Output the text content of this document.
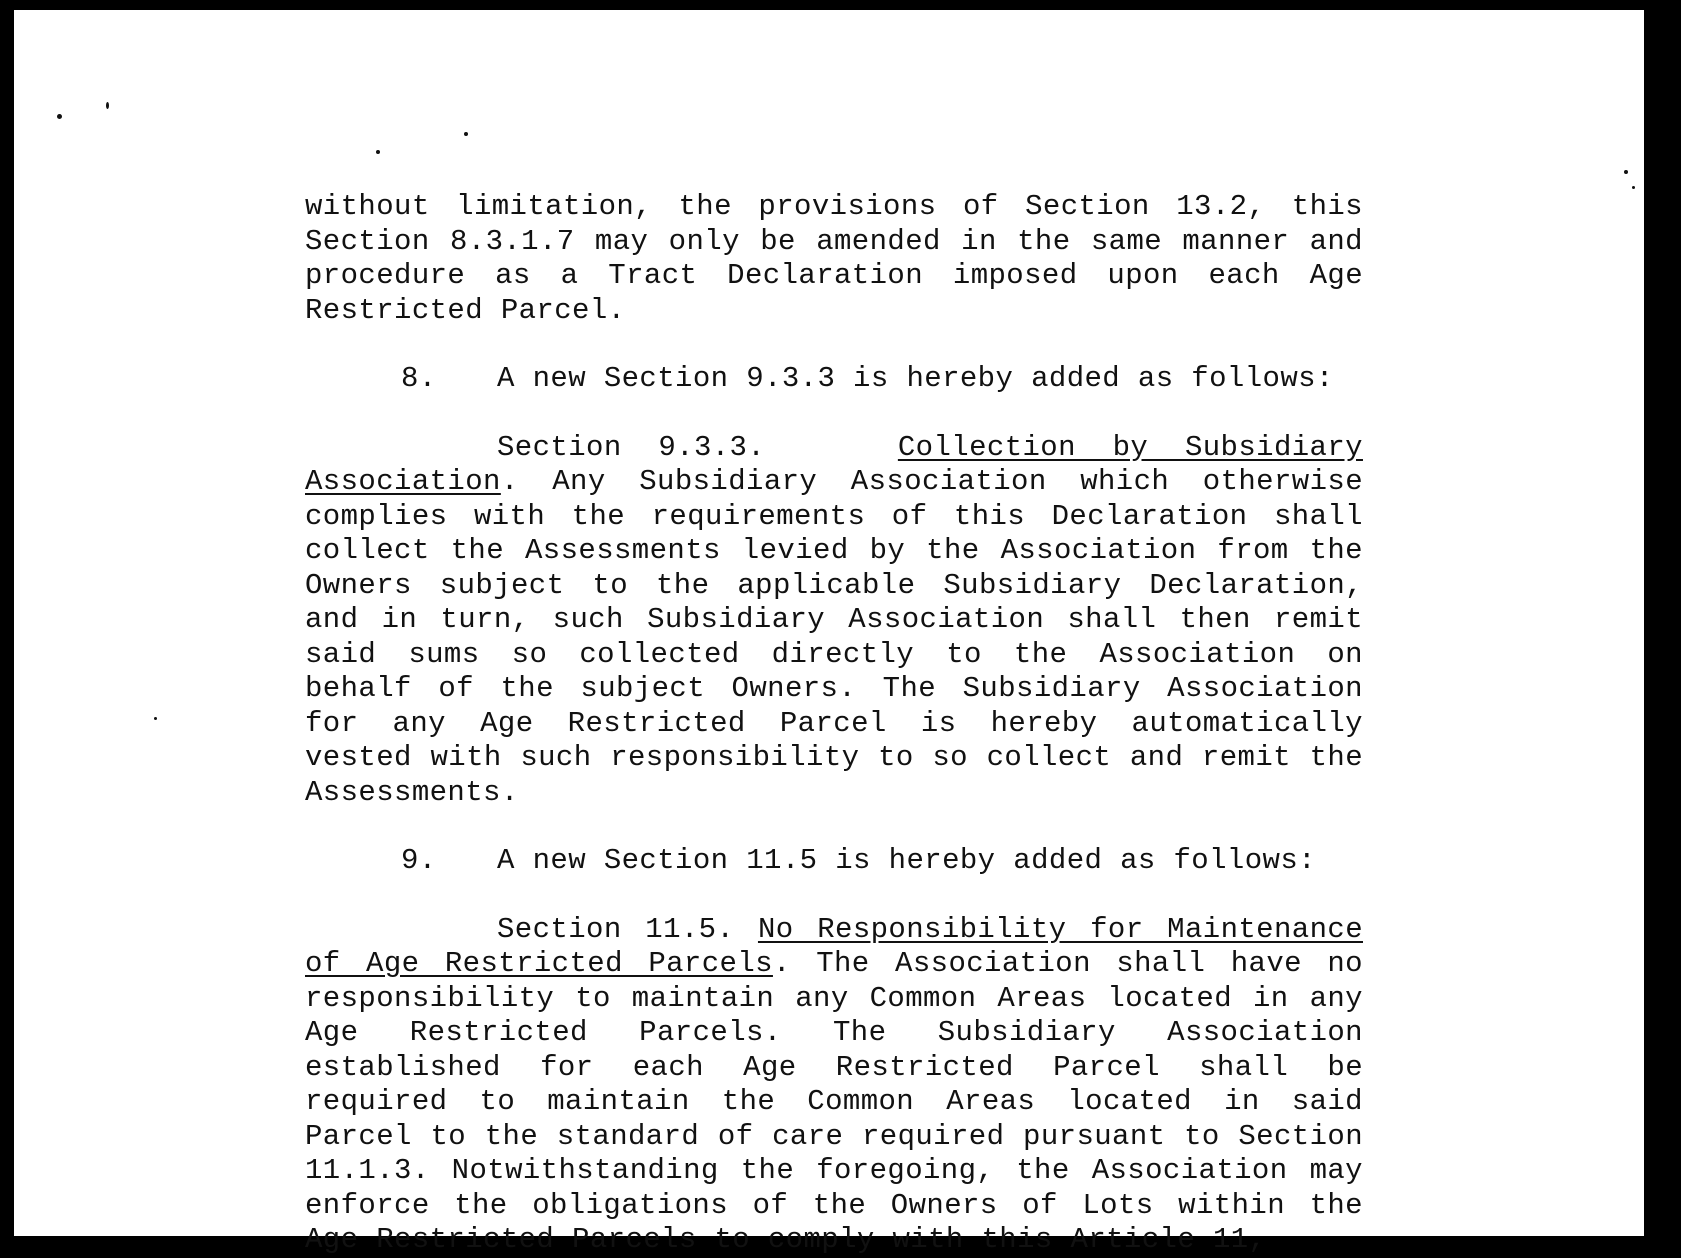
without limitation, the provisions of Section 13.2, this Section 8.3.1.7 may only be amended in the same manner and procedure as a Tract Declaration imposed upon each Age Restricted Parcel.

8. A new Section 9.3.3 is hereby added as follows:

Section 9.3.3.	Collection by Subsidiary Association. Any Subsidiary Association which otherwise complies with the requirements of this Declaration shall collect the Assessments levied by the Association from the Owners subject to the applicable Subsidiary Declaration, and in turn, such Subsidiary Association shall then remit said sums so collected directly to the Association on behalf of the subject Owners. The Subsidiary Association for any Age Restricted Parcel is hereby automatically vested with such responsibility to so collect and remit the Assessments.

9. A new Section 11.5 is hereby added as follows:

Section 11.5. No Responsibility for Maintenance of Age Restricted Parcels. The Association shall have no responsibility to maintain any Common Areas located in any Age Restricted Parcels. The Subsidiary Association established for each Age Restricted Parcel shall be required to maintain the Common Areas located in said Parcel to the standard of care required pursuant to Section 11.1.3. Notwithstanding the foregoing, the Association may enforce the obligations of the Owners of Lots within the Age Restricted Parcels to comply with this Article 11,
